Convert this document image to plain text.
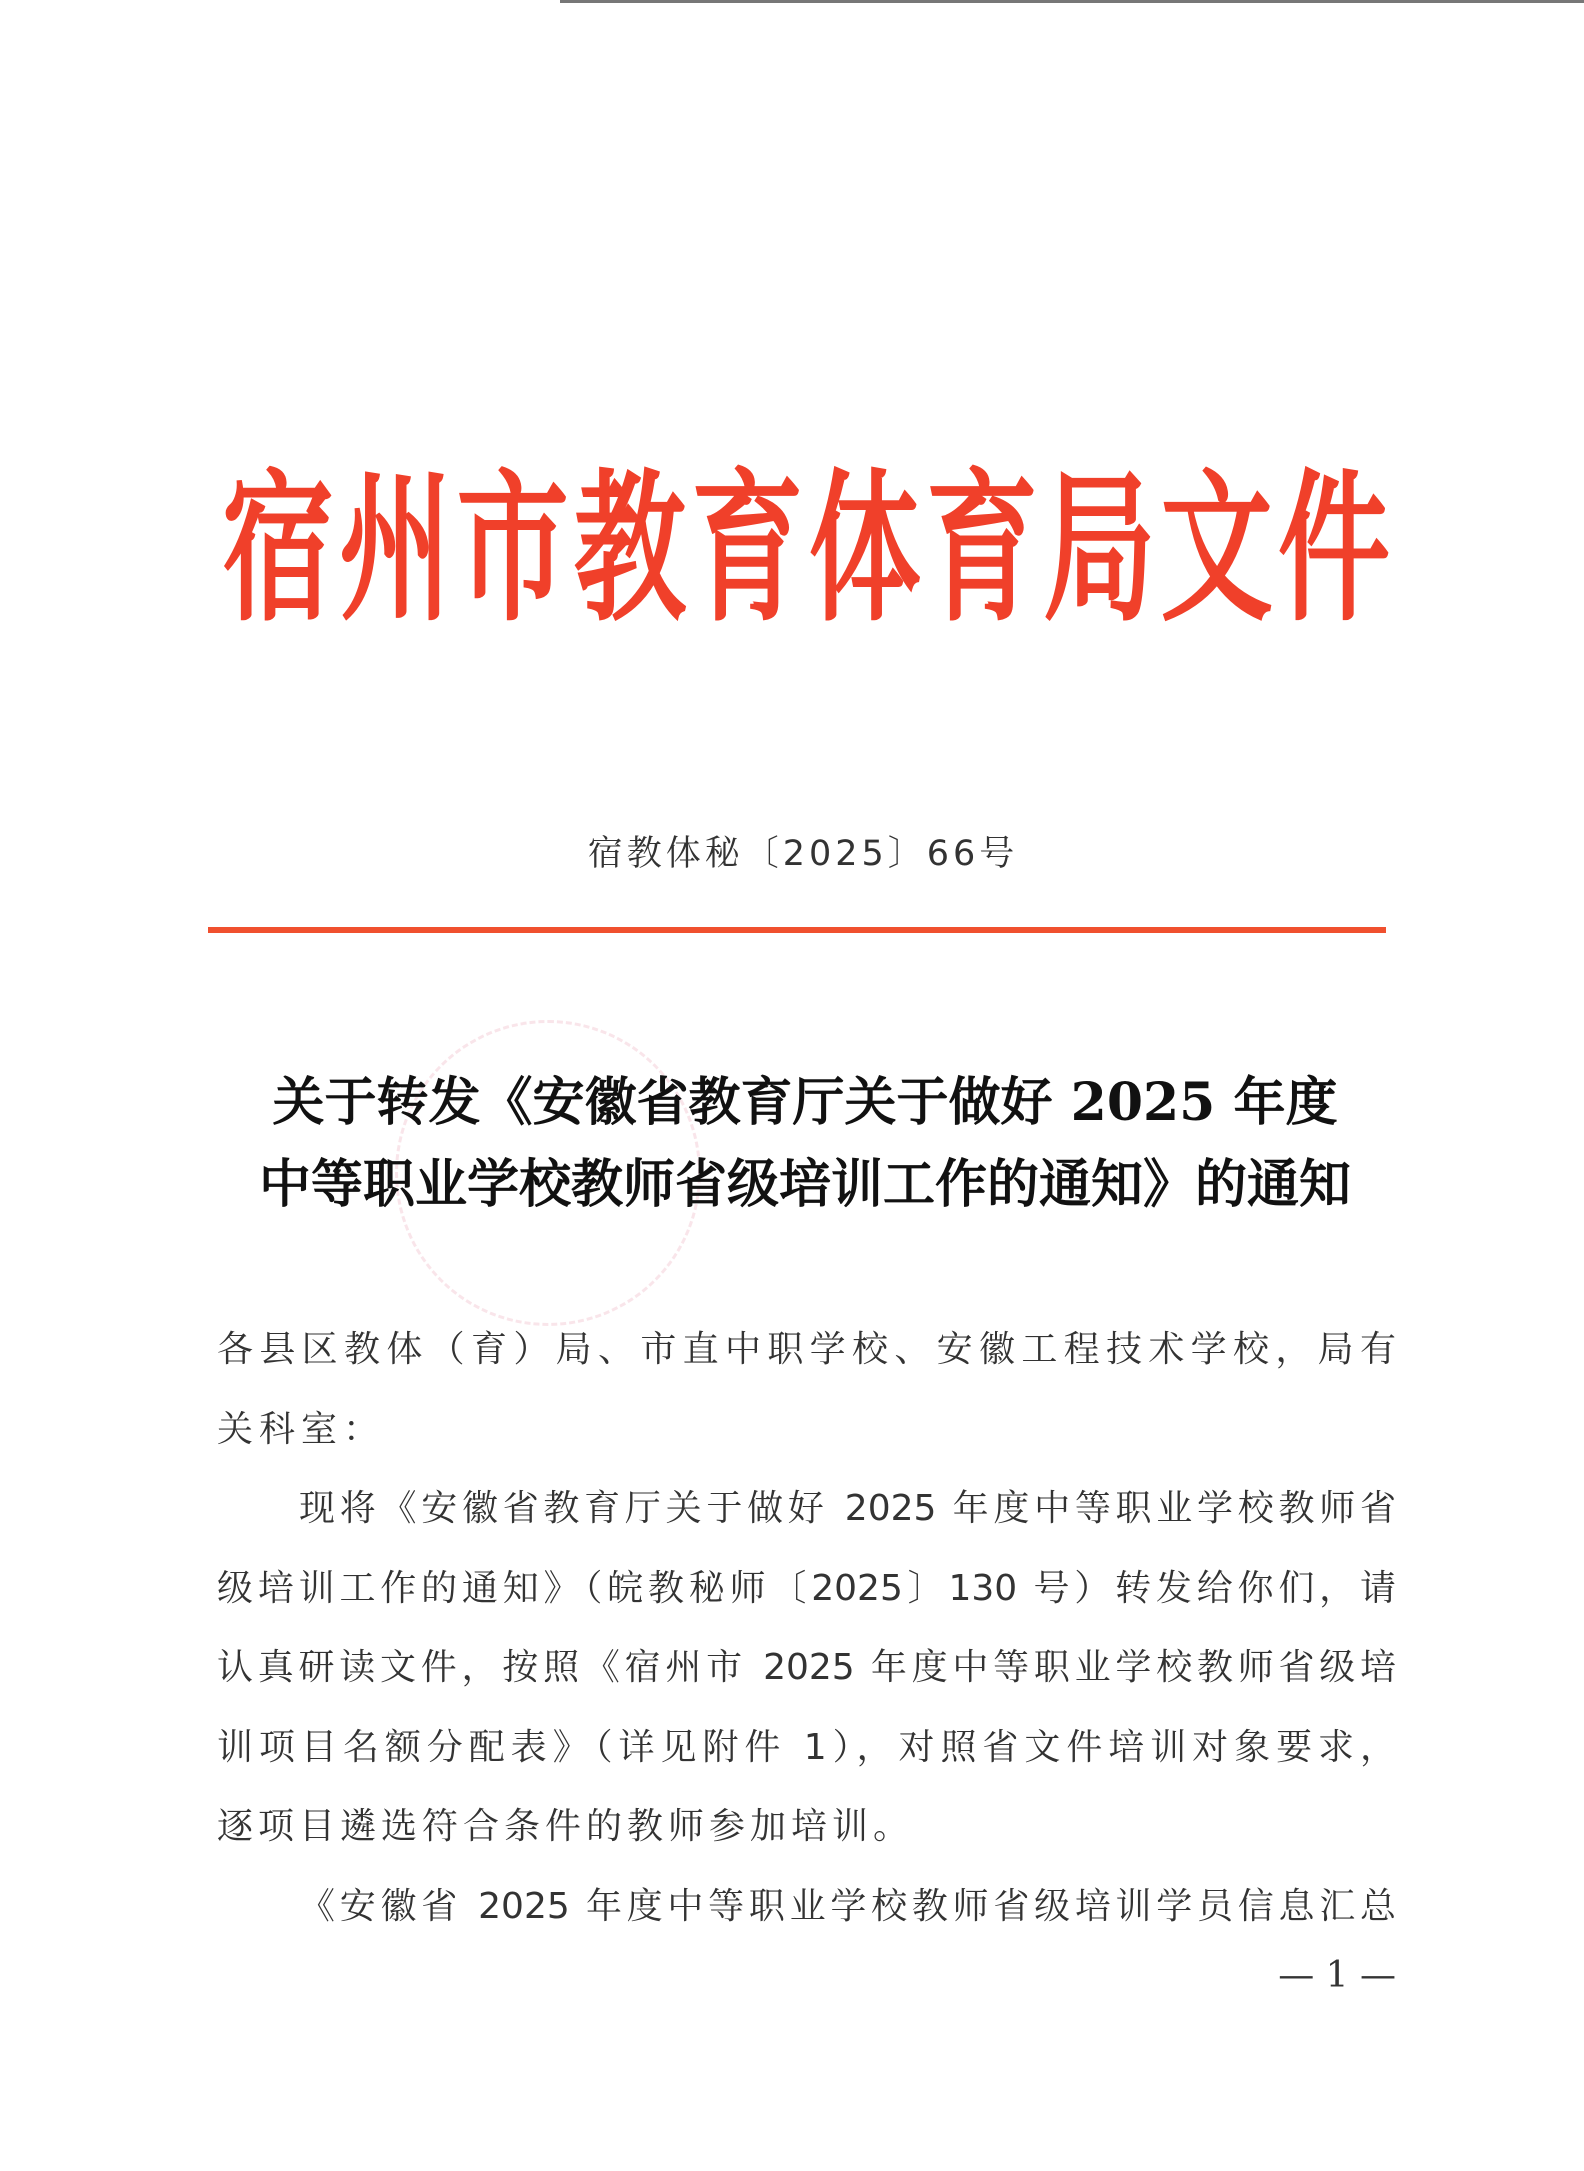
宿州市教育体育局文件
宿教体秘〔2025〕66号
关于转发《安徽省教育厅关于做好 2025 年度
中等职业学校教师省级培训工作的通知》的通知
各县区教体（育）局、市直中职学校、安徽工程技术学校，局有
关科室：
现将《安徽省教育厅关于做好 2025 年度中等职业学校教师省
级培训工作的通知》（皖教秘师〔2025〕130 号）转发给你们，请
认真研读文件，按照《宿州市 2025 年度中等职业学校教师省级培
训项目名额分配表》（详见附件 1），对照省文件培训对象要求，
逐项目遴选符合条件的教师参加培训。
《安徽省 2025 年度中等职业学校教师省级培训学员信息汇总
— 1 —
